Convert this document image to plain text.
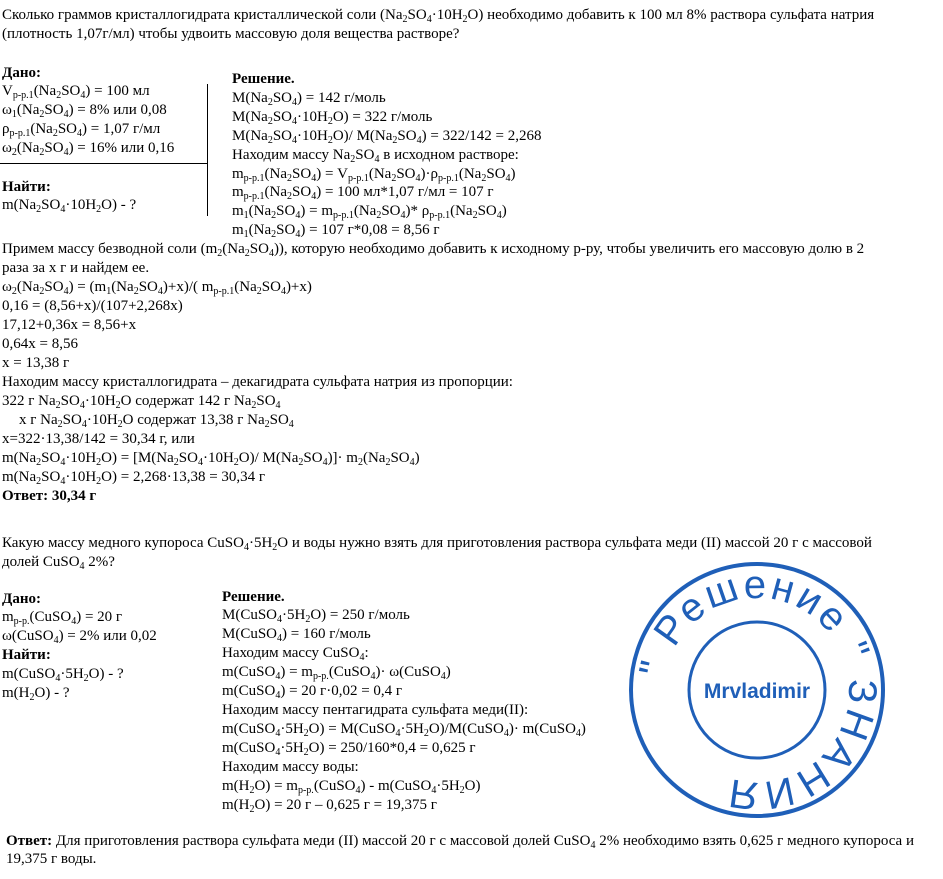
Сколько граммов кристаллогидрата кристаллической соли $(Na_2SO_4\cdot 10H_2O)$ необходимо добавить к 100 мл 8% раствора сульфата натрия
(плотность 1,07г/мл) чтобы удвоить массовую доля вещества растворе?
Дано:
$V_{р-р.1}(Na_2SO_4) = 100$ мл
$\omega_1(Na_2SO_4) = 8\%$ или 0,08
$\rho_{р-р.1}(Na_2SO_4) = 1,07$ г/мл
$\omega_2(Na_2SO_4) = 16\%$ или 0,16
Найти:
$m(Na_2SO_4\cdot 10H_2O)$ - ?
Решение.
$M(Na_2SO_4) = 142$ г/моль
$M(Na_2SO_4\cdot 10H_2O) = 322$ г/моль
$M(Na_2SO_4\cdot 10H_2O)/$ $M(Na_2SO_4) = 322/142 = 2,268$
Находим массу $Na_2SO_4$ в исходном растворе:
$m_{р-р.1}(Na_2SO_4) = V_{р-р.1}(Na_2SO_4)\cdot\rho_{р-р.1}(Na_2SO_4)$
$m_{р-р.1}(Na_2SO_4) = 100$ мл*1,07 г/мл = 107 г
$m_1(Na_2SO_4) = m_{р-р.1}(Na_2SO_4)*$ $\rho_{р-р.1}(Na_2SO_4)$
$m_1(Na_2SO_4) = 107$ г*0,08 = 8,56 г
Примем массу безводной соли $(m_2(Na_2SO_4))$, которую необходимо добавить к исходному р-ру, чтобы увеличить его массовую долю в 2
раза за х г и найдем ее.
$\omega_2(Na_2SO_4) = (m_1(Na_2SO_4)+х)/$( $m_{р-р.1}(Na_2SO_4)+х$)
0,16 = (8,56+х)/(107+2,268х)
17,12+0,36х = 8,56+х
0,64х = 8,56
х = 13,38 г
Находим массу кристаллогидрата – декагидрата сульфата натрия из пропорции:
322 г $Na_2SO_4\cdot 10H_2O$ содержат 142 г $Na_2SO_4$
х г $Na_2SO_4\cdot 10H_2O$ содержат 13,38 г $Na_2SO_4$
х=322·13,38/142 = 30,34 г, или
$m(Na_2SO_4\cdot 10H_2O) = [M(Na_2SO_4\cdot 10H_2O)/$ $M(Na_2SO_4)]\cdot m_2(Na_2SO_4)$
$m(Na_2SO_4\cdot 10H_2O) = 2,268\cdot 13,38 = 30,34$ г
Ответ: 30,34 г
Какую массу медного купороса $CuSO_4\cdot 5H_2O$ и воды нужно взять для приготовления раствора сульфата меди (II) массой 20 г с массовой
долей CuSO$_4$ 2%?
Дано:
$m_{р-р.}(CuSO_4) = 20$ г
ω(CuSO$_4$) = 2% или 0,02
Найти:
$m(CuSO_4\cdot 5H_2O)$ - ?
$m(H_2O)$ - ?
Решение.
$M(CuSO_4\cdot 5H_2O) = 250$ г/моль
M(CuSO$_4$) = 160 г/моль
Находим массу CuSO$_4$:
m(CuSO$_4$) = $m_{р-р.}(CuSO_4)\cdot$ ω(CuSO$_4$)
m(CuSO$_4$) = 20 г·0,02 = 0,4 г
Находим массу пентагидрата сульфата меди(II):
$m(CuSO_4\cdot 5H_2O)$ = $M(CuSO_4\cdot 5H_2O)/M(CuSO_4)\cdot$ m(CuSO$_4$)
$m(CuSO_4\cdot 5H_2O) = 250/160*0,4 = 0,625$ г
Находим массу воды:
$m(H_2O)$ = $m_{р-р.}(CuSO_4)$ - $m(CuSO_4\cdot 5H_2O)$
$m(H_2O) = 20$ г – 0,625 г = 19,375 г
Ответ: Для приготовления раствора сульфата меди (II) массой 20 г с массовой долей CuSO$_4$ 2% необходимо взять 0,625 г медного купороса и 19,375 г воды.
" Решение " ЗНАНИЯ
Mrvladimir
